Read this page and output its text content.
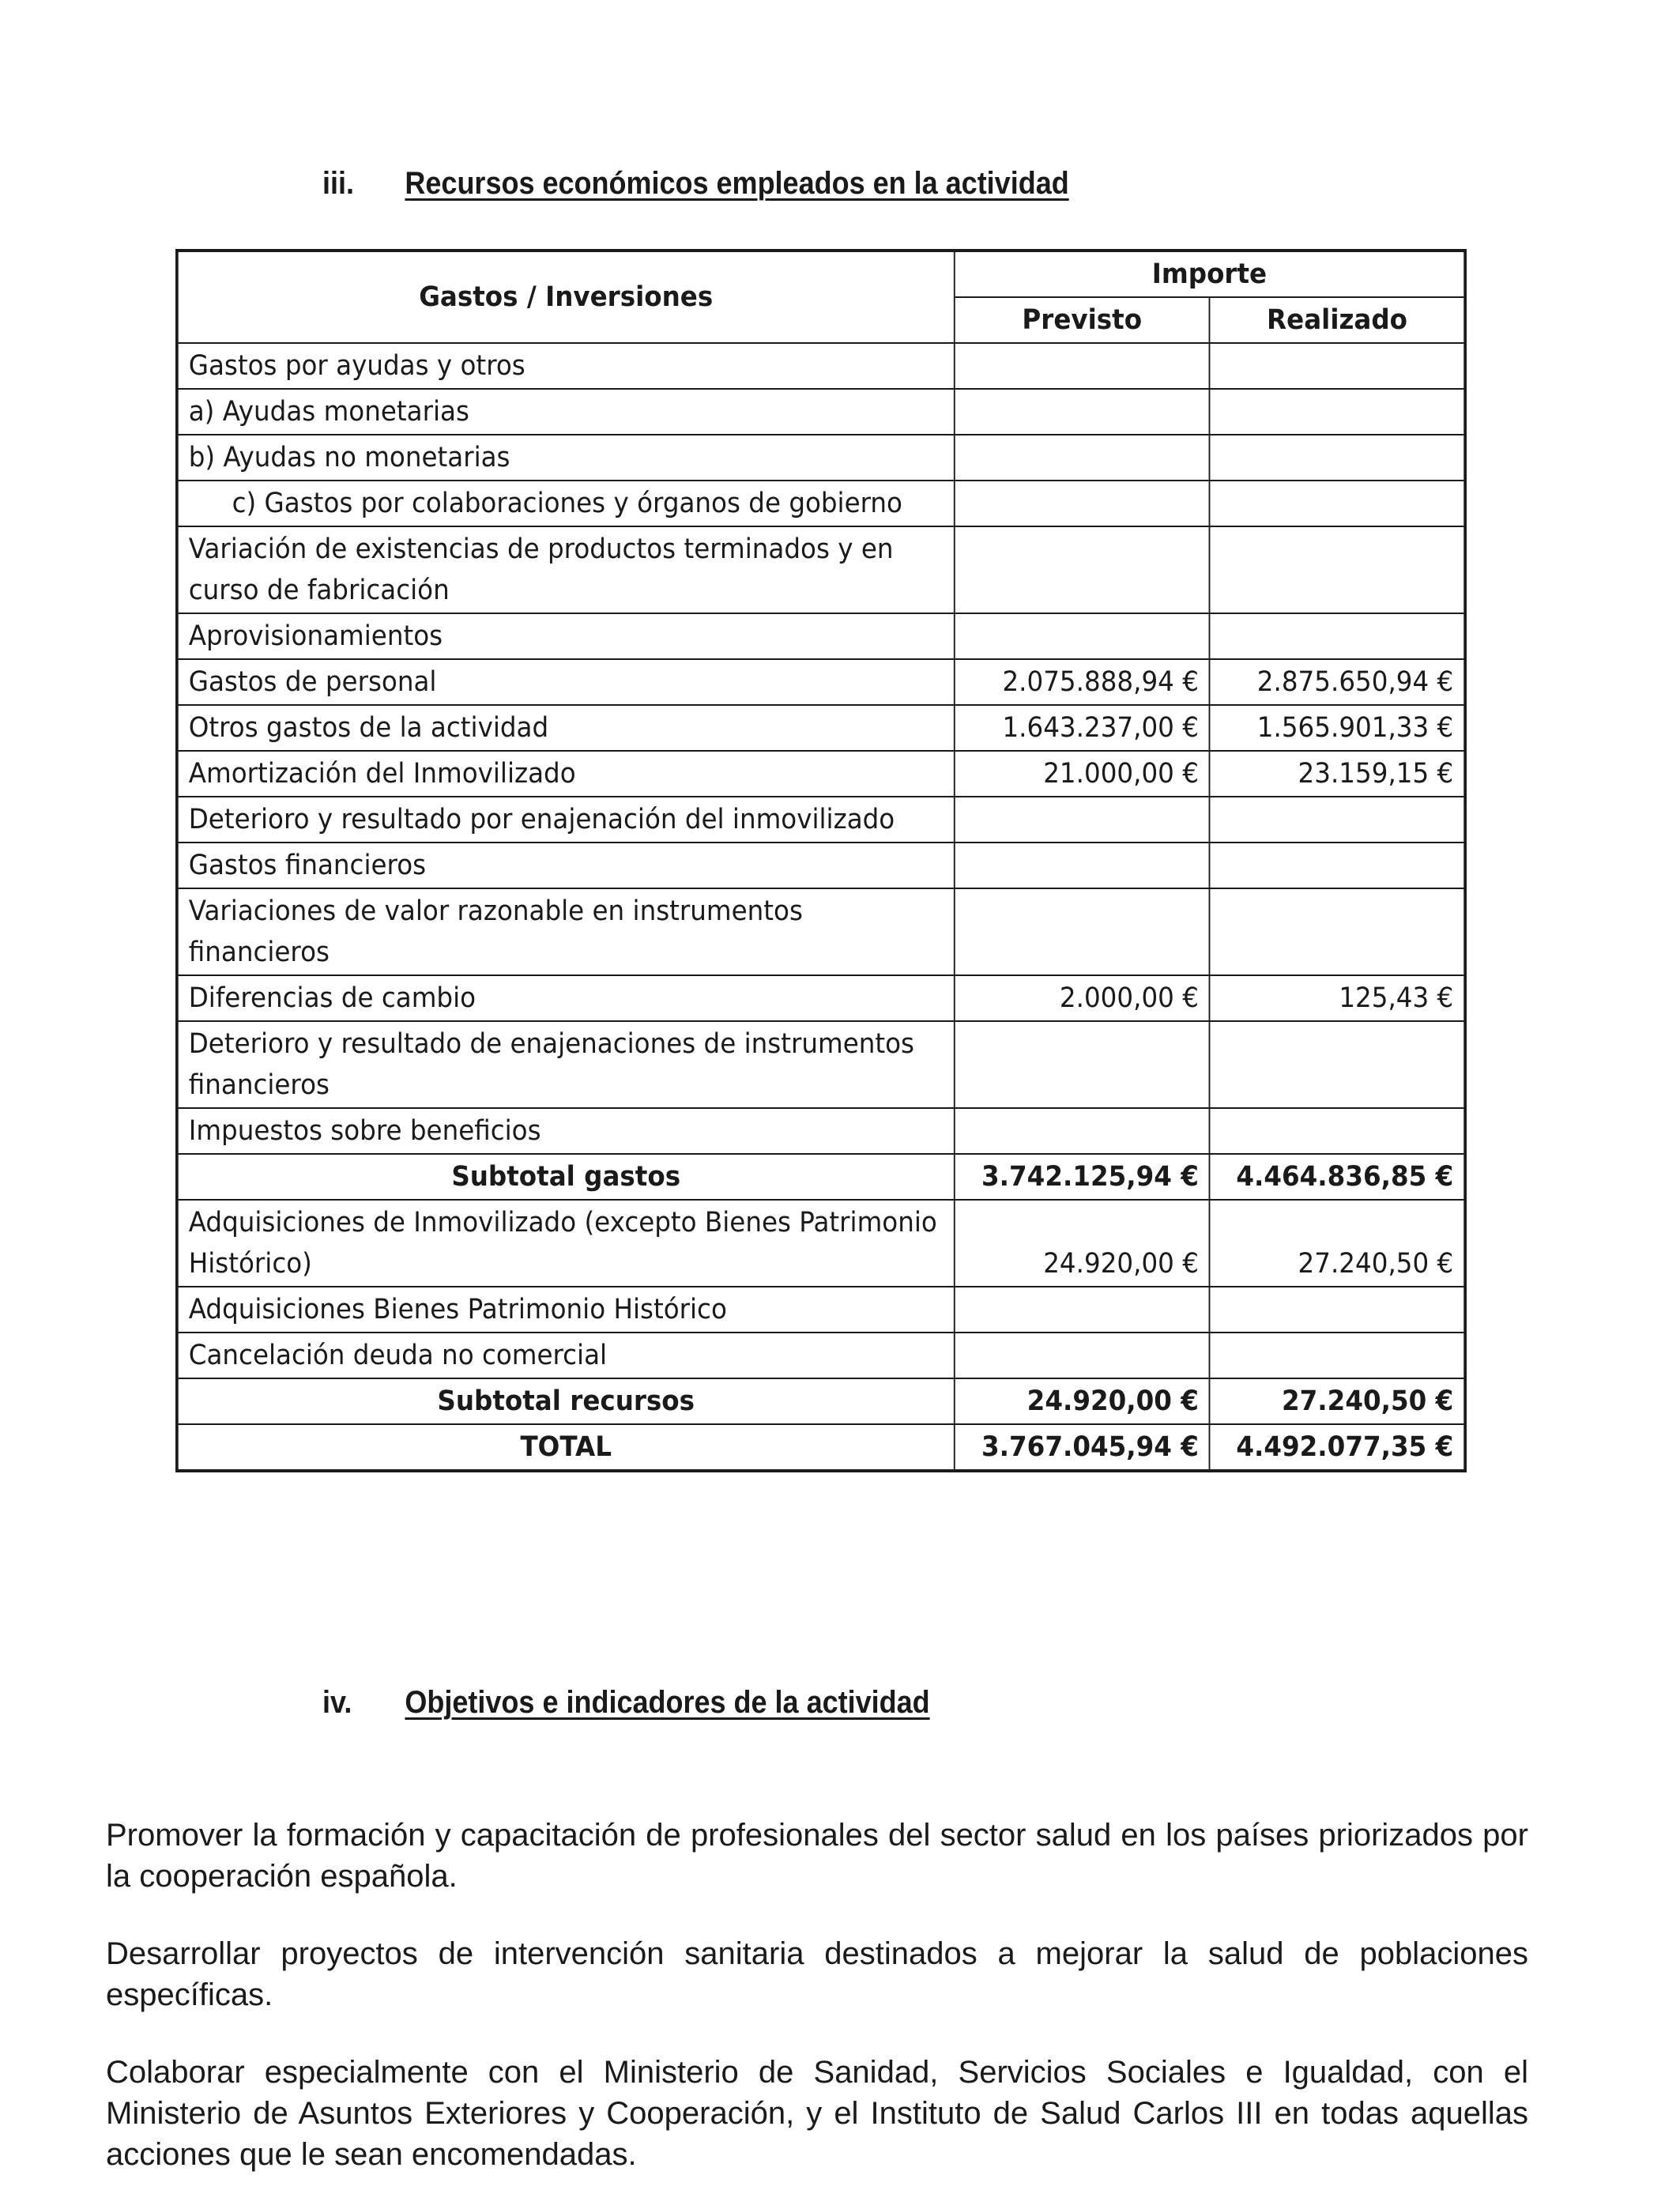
iii. Recursos económicos empleados en la actividad
Gastos / Inversiones	Importe	
	Previsto	Realizado
Gastos por ayudas y otros		
a) Ayudas monetarias		
b) Ayudas no monetarias		
c) Gastos por colaboraciones y órganos de gobierno		
Variación de existencias de productos terminados y en curso de fabricación		
Aprovisionamientos		
Gastos de personal	2.075.888,94 €	2.875.650,94 €
Otros gastos de la actividad	1.643.237,00 €	1.565.901,33 €
Amortización del Inmovilizado	21.000,00 €	23.159,15 €
Deterioro y resultado por enajenación del inmovilizado		
Gastos financieros		
Variaciones de valor razonable en instrumentos financieros		
Diferencias de cambio	2.000,00 €	125,43 €
Deterioro y resultado de enajenaciones de instrumentos financieros		
Impuestos sobre beneficios		
Subtotal gastos	3.742.125,94 €	4.464.836,85 €
Adquisiciones de Inmovilizado (excepto Bienes Patrimonio Histórico)	24.920,00 €	27.240,50 €
Adquisiciones Bienes Patrimonio Histórico		
Cancelación deuda no comercial		
Subtotal recursos	24.920,00 €	27.240,50 €
TOTAL	3.767.045,94 €	4.492.077,35 €
iv. Objetivos e indicadores de la actividad

Promover la formación y capacitación de profesionales del sector salud en los países priorizados por la cooperación española.

Desarrollar proyectos de intervención sanitaria destinados a mejorar la salud de poblaciones específicas.

Colaborar especialmente con el Ministerio de Sanidad, Servicios Sociales e Igualdad, con el Ministerio de Asuntos Exteriores y Cooperación, y el Instituto de Salud Carlos III en todas aquellas acciones que le sean encomendadas.
